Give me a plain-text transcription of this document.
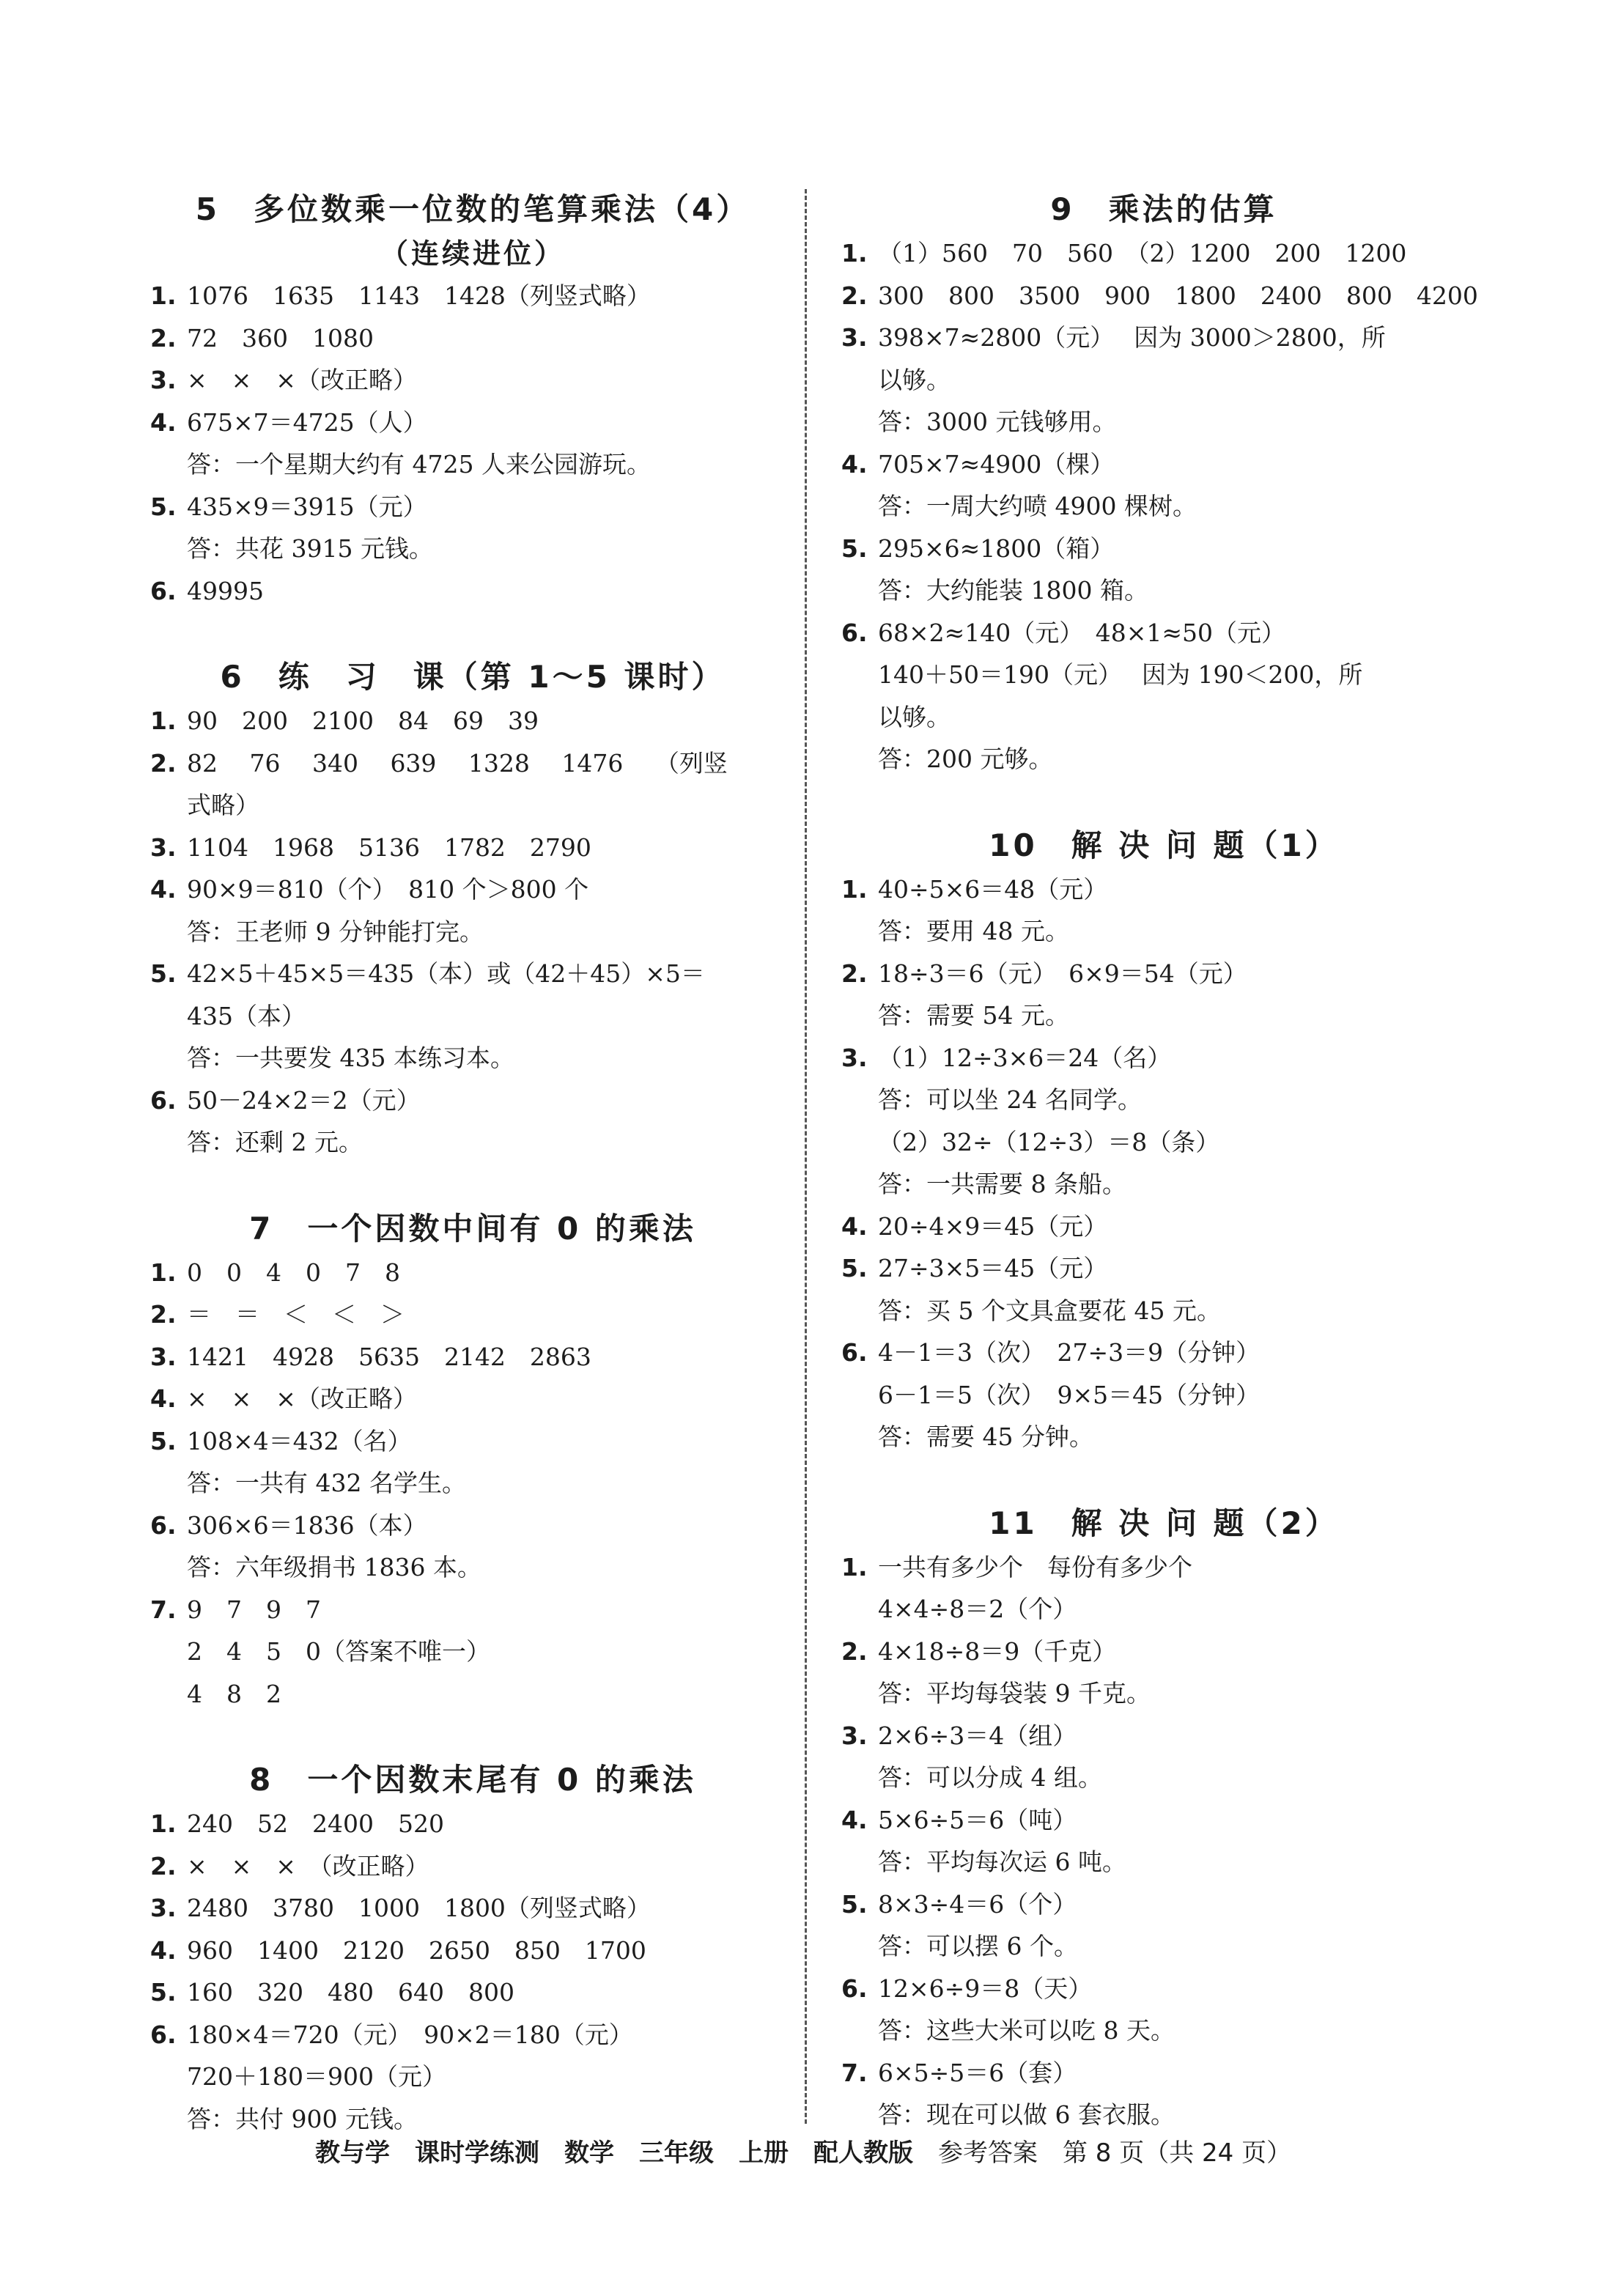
5　多位数乘一位数的笔算乘法（4）
（连续进位）
1. 1076　1635　1143　1428（列竖式略）
2. 72　360　1080
3. ×　×　×（改正略）
4. 675×7＝4725（人）
答：一个星期大约有 4725 人来公园游玩。
5. 435×9＝3915（元）
答：共花 3915 元钱。
6. 49995
6　练　习　课（第 1～5 课时）
1. 90　200　2100　84　69　39
2. 82　 76　 340　 639　 1328　 1476　 （列竖
式略）
3. 1104　1968　5136　1782　2790
4. 90×9＝810（个）　810 个＞800 个
答：王老师 9 分钟能打完。
5. 42×5＋45×5＝435（本）或（42＋45）×5＝
435（本）
答：一共要发 435 本练习本。
6. 50－24×2＝2（元）
答：还剩 2 元。
7　一个因数中间有 0 的乘法
1. 0　0　4　0　7　8
2. ＝　＝　＜　＜　＞
3. 1421　4928　5635　2142　2863
4. ×　×　×（改正略）
5. 108×4＝432（名）
答：一共有 432 名学生。
6. 306×6＝1836（本）
答：六年级捐书 1836 本。
7. 9　7　9　7
2　4　5　0（答案不唯一）
4　8　2
8　一个因数末尾有 0 的乘法
1. 240　52　2400　520
2. ×　×　×　（改正略）
3. 2480　3780　1000　1800（列竖式略）
4. 960　1400　2120　2650　850　1700
5. 160　320　480　640　800
6. 180×4＝720（元）　90×2＝180（元）
720＋180＝900（元）
答：共付 900 元钱。
9　乘法的估算
1. （1）560　70　560　（2）1200　200　1200
2. 300　800　3500　900　1800　2400　800　4200
3. 398×7≈2800（元）　 因为 3000＞2800，所
以够。
答：3000 元钱够用。
4. 705×7≈4900（棵）
答：一周大约喷 4900 棵树。
5. 295×6≈1800（箱）
答：大约能装 1800 箱。
6. 68×2≈140（元）　48×1≈50（元）
140＋50＝190（元）　 因为 190＜200，所
以够。
答：200 元够。
10　解 决 问 题（1）
1. 40÷5×6＝48（元）
答：要用 48 元。
2. 18÷3＝6（元）　6×9＝54（元）
答：需要 54 元。
3. （1）12÷3×6＝24（名）
答：可以坐 24 名同学。
（2）32÷（12÷3）＝8（条）
答：一共需要 8 条船。
4. 20÷4×9＝45（元）
5. 27÷3×5＝45（元）
答：买 5 个文具盒要花 45 元。
6. 4－1＝3（次）　27÷3＝9（分钟）
6－1＝5（次）　9×5＝45（分钟）
答：需要 45 分钟。
11　解 决 问 题（2）
1. 一共有多少个　每份有多少个
4×4÷8＝2（个）
2. 4×18÷8＝9（千克）
答：平均每袋装 9 千克。
3. 2×6÷3＝4（组）
答：可以分成 4 组。
4. 5×6÷5＝6（吨）
答：平均每次运 6 吨。
5. 8×3÷4＝6（个）
答：可以摆 6 个。
6. 12×6÷9＝8（天）
答：这些大米可以吃 8 天。
7. 6×5÷5＝6（套）
答：现在可以做 6 套衣服。
教与学　课时学练测　数学　三年级　上册　配人教版　参考答案　第 8 页（共 24 页）
